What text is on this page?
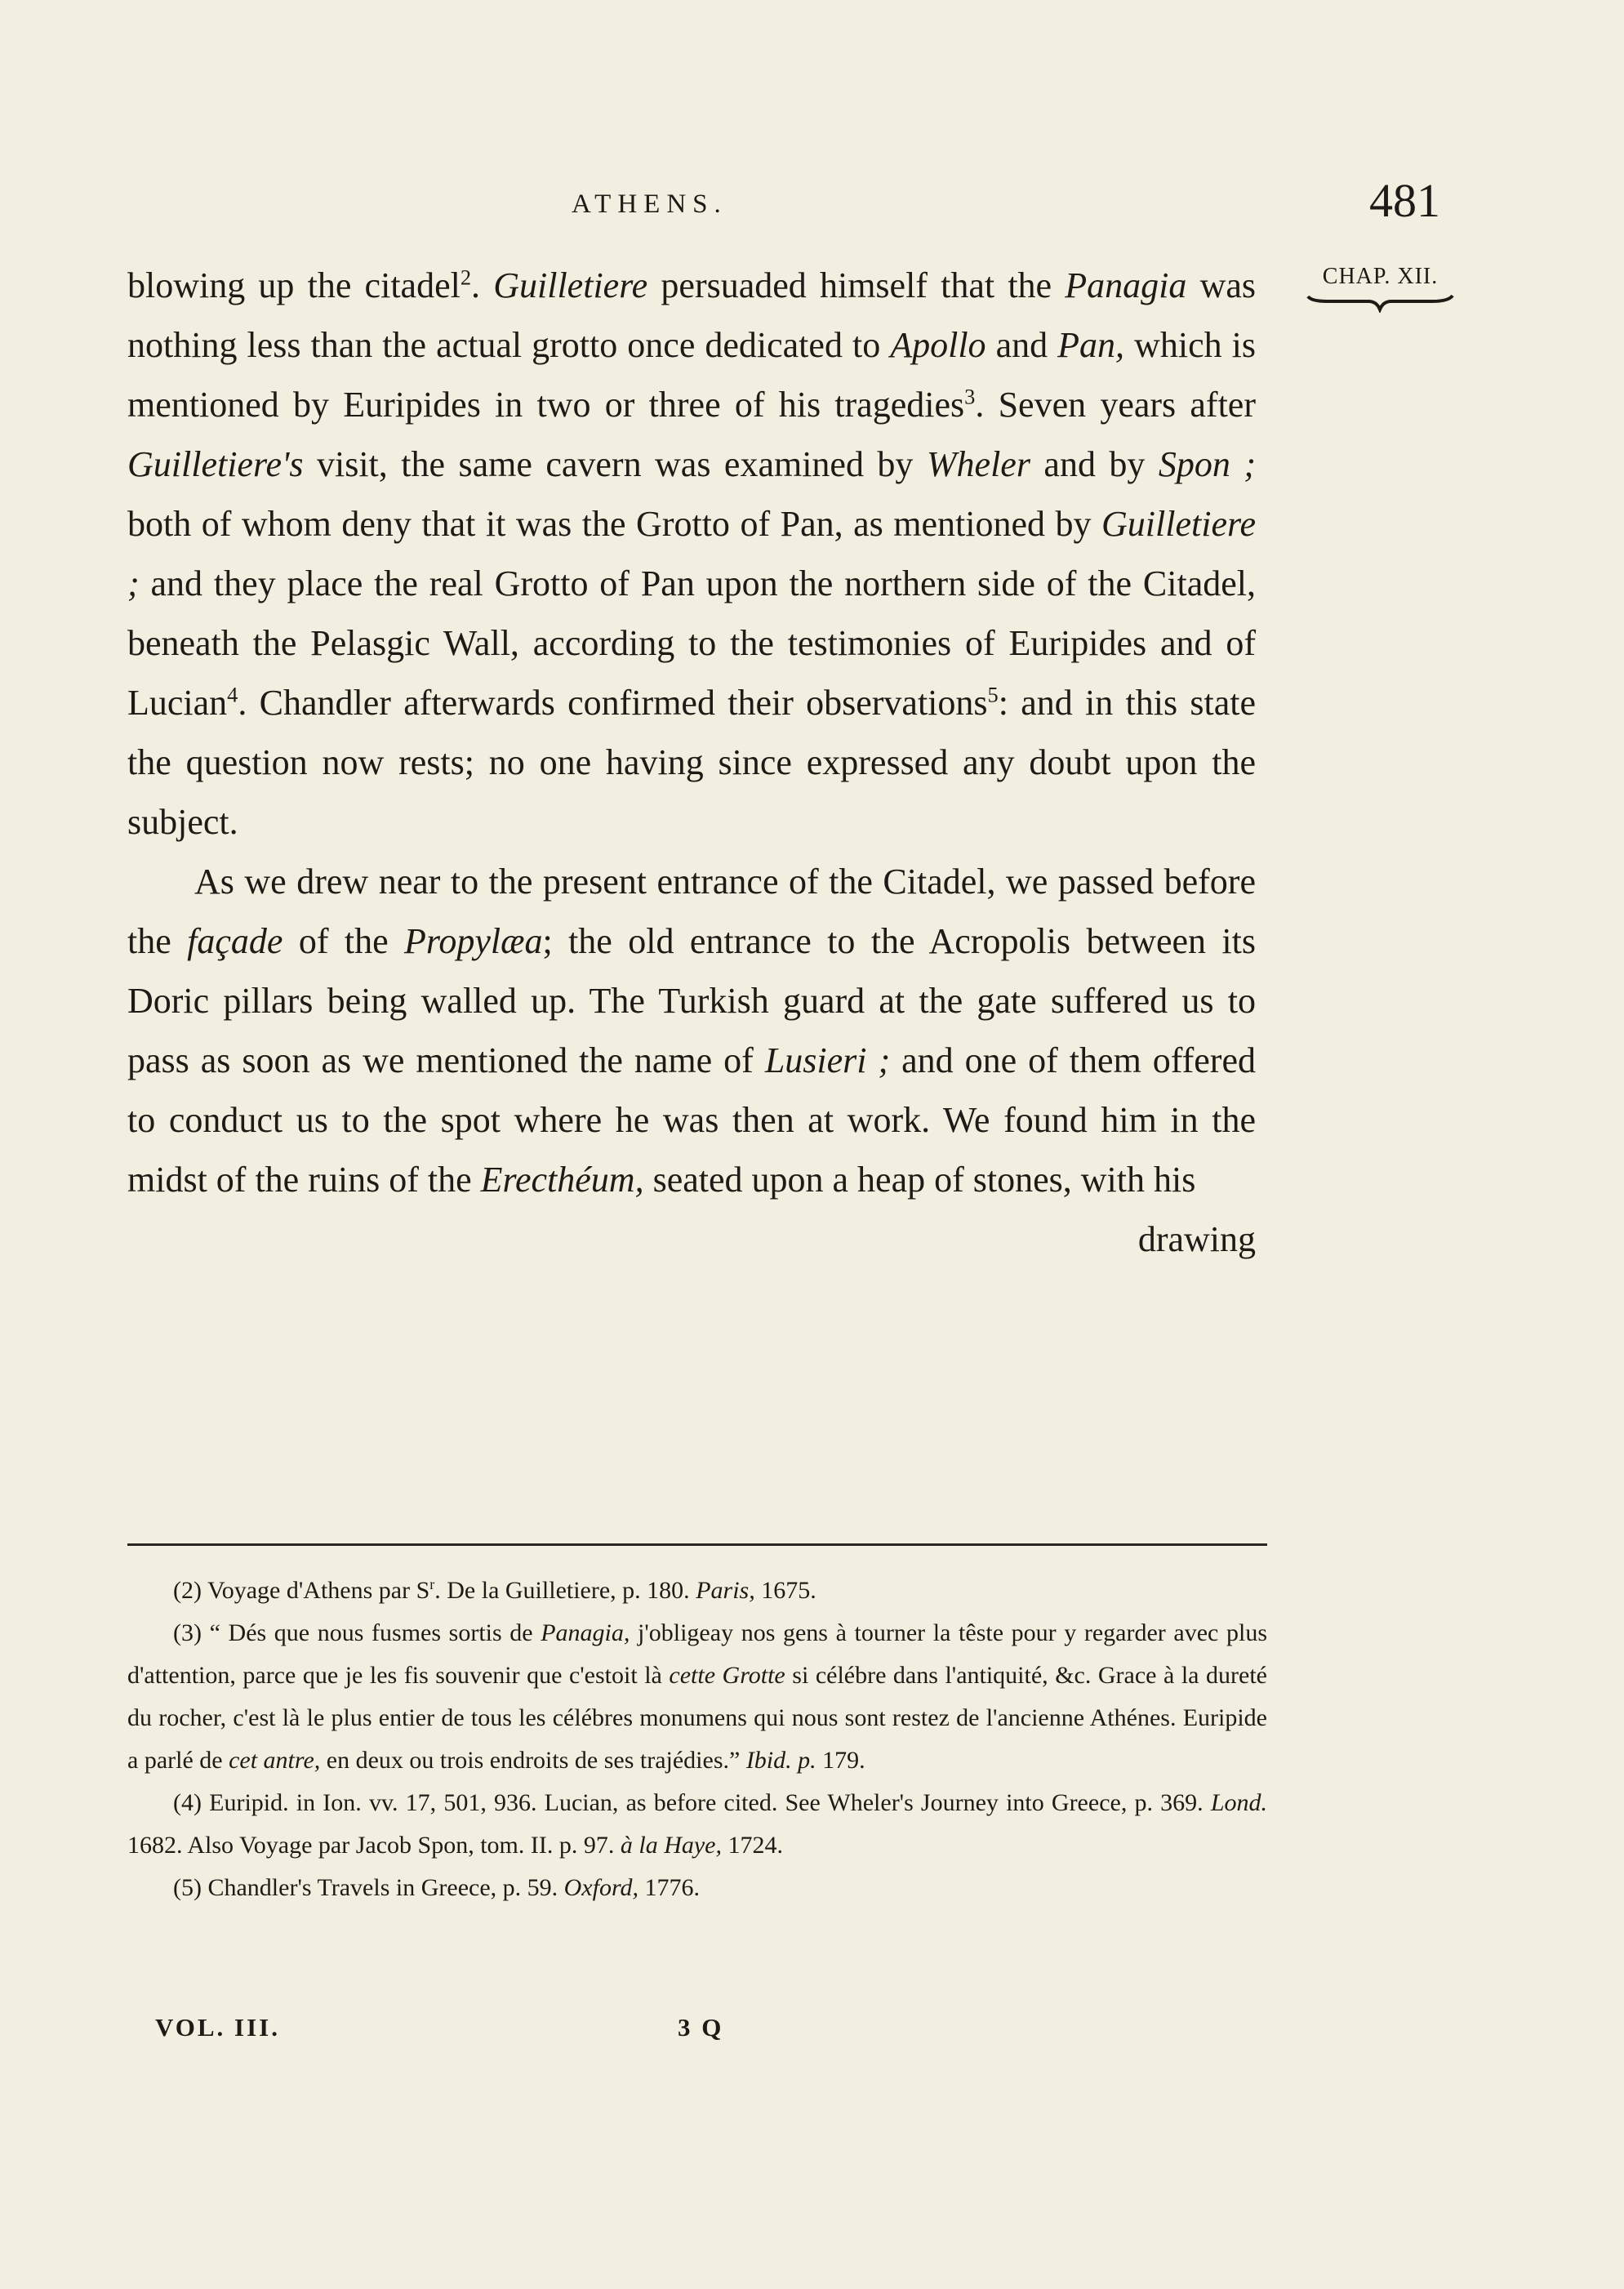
ATHENS.	481
CHAP. XII.

blowing up the citadel$^2$. Guilletiere persuaded himself that the Panagia was nothing less than the actual grotto once dedicated to Apollo and Pan, which is mentioned by Euripides in two or three of his tragedies$^3$. Seven years after Guilletiere's visit, the same cavern was examined by Wheler and by Spon ; both of whom deny that it was the Grotto of Pan, as mentioned by Guilletiere ; and they place the real Grotto of Pan upon the northern side of the Citadel, beneath the Pelasgic Wall, according to the testimonies of Euripides and of Lucian$^4$. Chandler afterwards confirmed their observations$^5$: and in this state the question now rests; no one having since expressed any doubt upon the subject.

As we drew near to the present entrance of the Citadel, we passed before the façade of the Propylæa; the old entrance to the Acropolis between its Doric pillars being walled up. The Turkish guard at the gate suffered us to pass as soon as we mentioned the name of Lusieri ; and one of them offered to conduct us to the spot where he was then at work. We found him in the midst of the ruins of the Erecthéum, seated upon a heap of stones, with his

drawing

(2) Voyage d'Athens par $S^r$. De la Guilletiere, p. 180. Paris, 1675.

(3) “ Dés que nous fusmes sortis de Panagia, j'obligeay nos gens à tourner la têste pour y regarder avec plus d'attention, parce que je les fis souvenir que c'estoit là cette Grotte si célébre dans l'antiquité, &c. Grace à la dureté du rocher, c'est là le plus entier de tous les célébres monumens qui nous sont restez de l'ancienne Athénes. Euripide a parlé de cet antre, en deux ou trois endroits de ses trajédies.” Ibid. p. 179.

(4) Euripid. in Ion. vv. 17, 501, 936. Lucian, as before cited. See Wheler's Journey into Greece, p. 369. Lond. 1682. Also Voyage par Jacob Spon, tom. II. p. 97. à la Haye, 1724.

(5) Chandler's Travels in Greece, p. 59. Oxford, 1776.

VOL. III.	3 Q
